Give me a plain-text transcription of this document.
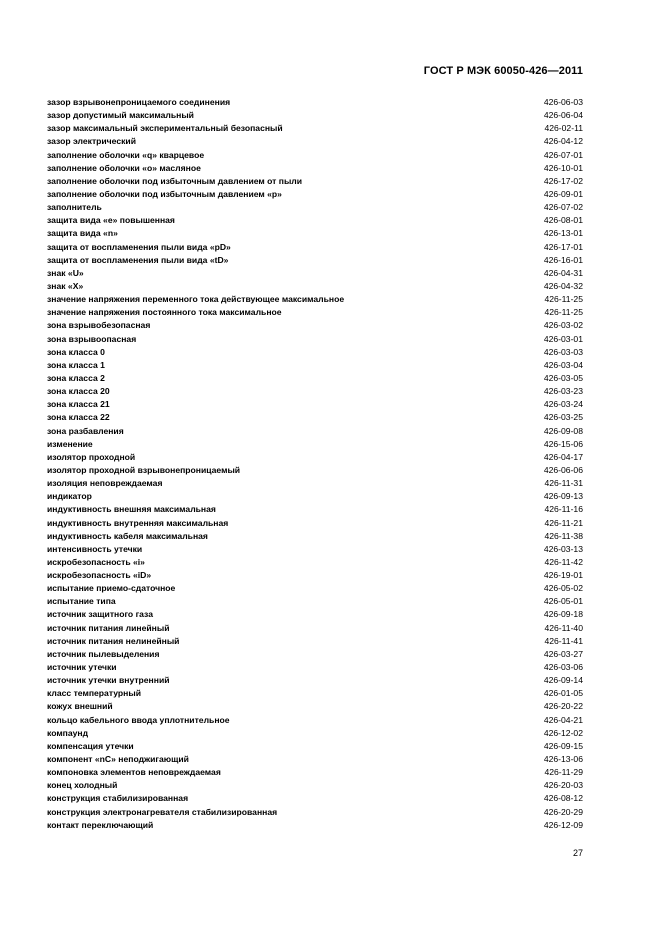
ГОСТ Р МЭК 60050-426—2011
зазор взрывонепроницаемого соединения	426-06-03
зазор допустимый максимальный	426-06-04
зазор максимальный экспериментальный безопасный	426-02-11
зазор электрический	426-04-12
заполнение оболочки «q» кварцевое	426-07-01
заполнение оболочки «o» масляное	426-10-01
заполнение оболочки под избыточным давлением от пыли	426-17-02
заполнение оболочки под избыточным давлением «р»	426-09-01
заполнитель	426-07-02
защита вида «е» повышенная	426-08-01
защита вида «n»	426-13-01
защита от воспламенения пыли вида «pD»	426-17-01
защита от воспламенения пыли вида «tD»	426-16-01
знак «U»	426-04-31
знак «Х»	426-04-32
значение напряжения переменного тока действующее максимальное	426-11-25
значение напряжения постоянного тока максимальное	426-11-25
зона взрывобезопасная	426-03-02
зона взрывоопасная	426-03-01
зона класса 0	426-03-03
зона класса 1	426-03-04
зона класса 2	426-03-05
зона класса 20	426-03-23
зона класса 21	426-03-24
зона класса 22	426-03-25
зона разбавления	426-09-08
изменение	426-15-06
изолятор проходной	426-04-17
изолятор проходной взрывонепроницаемый	426-06-06
изоляция неповреждаемая	426-11-31
индикатор	426-09-13
индуктивность внешняя максимальная	426-11-16
индуктивность внутренняя максимальная	426-11-21
индуктивность кабеля максимальная	426-11-38
интенсивность утечки	426-03-13
искробезопасность «i»	426-11-42
искробезопасность «iD»	426-19-01
испытание приемо-сдаточное	426-05-02
испытание типа	426-05-01
источник защитного газа	426-09-18
источник питания линейный	426-11-40
источник питания нелинейный	426-11-41
источник пылевыделения	426-03-27
источник утечки	426-03-06
источник утечки внутренний	426-09-14
класс температурный	426-01-05
кожух внешний	426-20-22
кольцо кабельного ввода уплотнительное	426-04-21
компаунд	426-12-02
компенсация утечки	426-09-15
компонент «nC» неподжигающий	426-13-06
компоновка элементов неповреждаемая	426-11-29
конец холодный	426-20-03
конструкция стабилизированная	426-08-12
конструкция электронагревателя стабилизированная	426-20-29
контакт переключающий	426-12-09
27
